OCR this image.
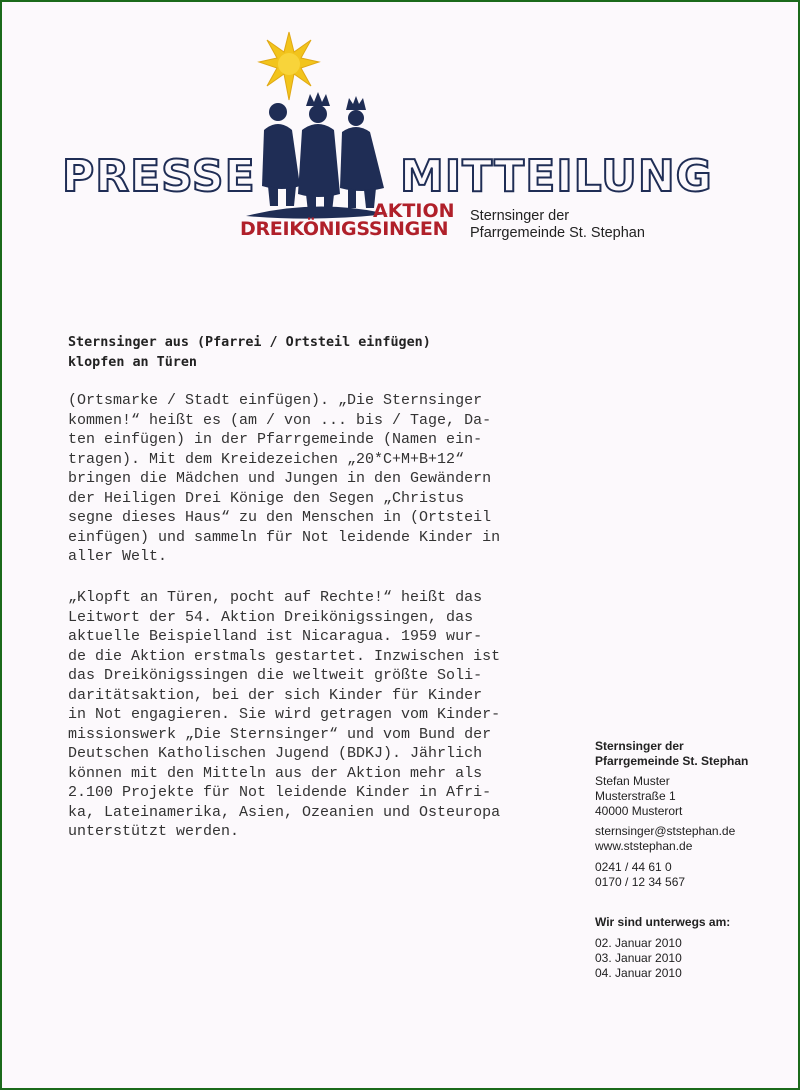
PRESSE	MITTEILUNG

AKTION

DREIKÖNIGSSINGEN

Sternsinger der

Pfarrgemeinde St. Stephan

Sternsinger aus (Pfarrei / Ortsteil einfügen)
klopfen an Türen
(Ortsmarke / Stadt einfügen). „Die Sternsinger
kommen!“ heißt es (am / von ... bis / Tage, Da-
ten einfügen) in der Pfarrgemeinde (Namen ein-
tragen). Mit dem Kreidezeichen „20*C+M+B+12“
bringen die Mädchen und Jungen in den Gewändern
der Heiligen Drei Könige den Segen „Christus
segne dieses Haus“ zu den Menschen in (Ortsteil
einfügen) und sammeln für Not leidende Kinder in
aller Welt.
„Klopft an Türen, pocht auf Rechte!“ heißt das
Leitwort der 54. Aktion Dreikönigssingen, das
aktuelle Beispielland ist Nicaragua. 1959 wur-
de die Aktion erstmals gestartet. Inzwischen ist
das Dreikönigssingen die weltweit größte Soli-
daritätsaktion, bei der sich Kinder für Kinder
in Not engagieren. Sie wird getragen vom Kinder-
missionswerk „Die Sternsinger“ und vom Bund der
Deutschen Katholischen Jugend (BDKJ). Jährlich
können mit den Mitteln aus der Aktion mehr als
2.100 Projekte für Not leidende Kinder in Afri-
ka, Lateinamerika, Asien, Ozeanien und Osteuropa
unterstützt werden.
Sternsinger der
Pfarrgemeinde St. Stephan
Stefan Muster
Musterstraße 1
40000 Musterort
sternsinger@ststephan.de
www.ststephan.de
0241 / 44 61 0
0170 / 12 34 567
Wir sind unterwegs am:
02. Januar 2010
03. Januar 2010
04. Januar 2010
